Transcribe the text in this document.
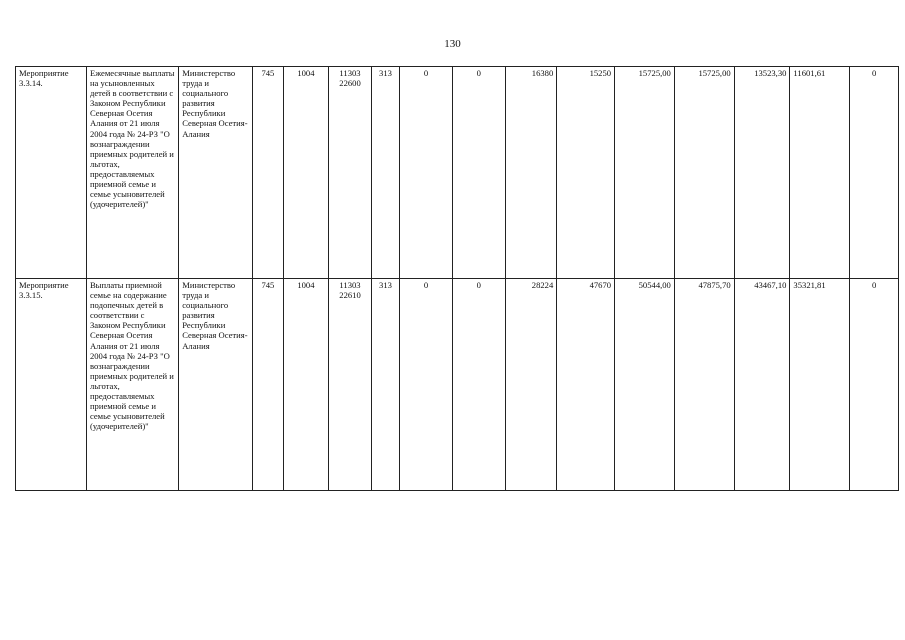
130
Мероприятие 3.3.14.	Ежемесячные выплаты на усыновленных детей в соответствии с Законом Республики Северная Осетия Алания от 21 июля 2004 года № 24-РЗ "О вознаграждении приемных родителей и льготах, предоставляемых приемной семье и семье усыновителей (удочерителей)"	Министерство труда и социального развития Республики Северная Осетия-Алания	745	1004	11303 22600	313	0	0	16380	15250	15725,00	15725,00	13523,30	11601,61	0
Мероприятие 3.3.15.	Выплаты приемной семье на содержание подопечных детей в соответствии с Законом Республики Северная Осетия Алания от 21 июля 2004 года № 24-РЗ "О вознаграждении приемных родителей и льготах, предоставляемых приемной семье и семье усыновителей (удочерителей)"	Министерство труда и социального развития Республики Северная Осетия-Алания	745	1004	11303 22610	313	0	0	28224	47670	50544,00	47875,70	43467,10	35321,81	0
